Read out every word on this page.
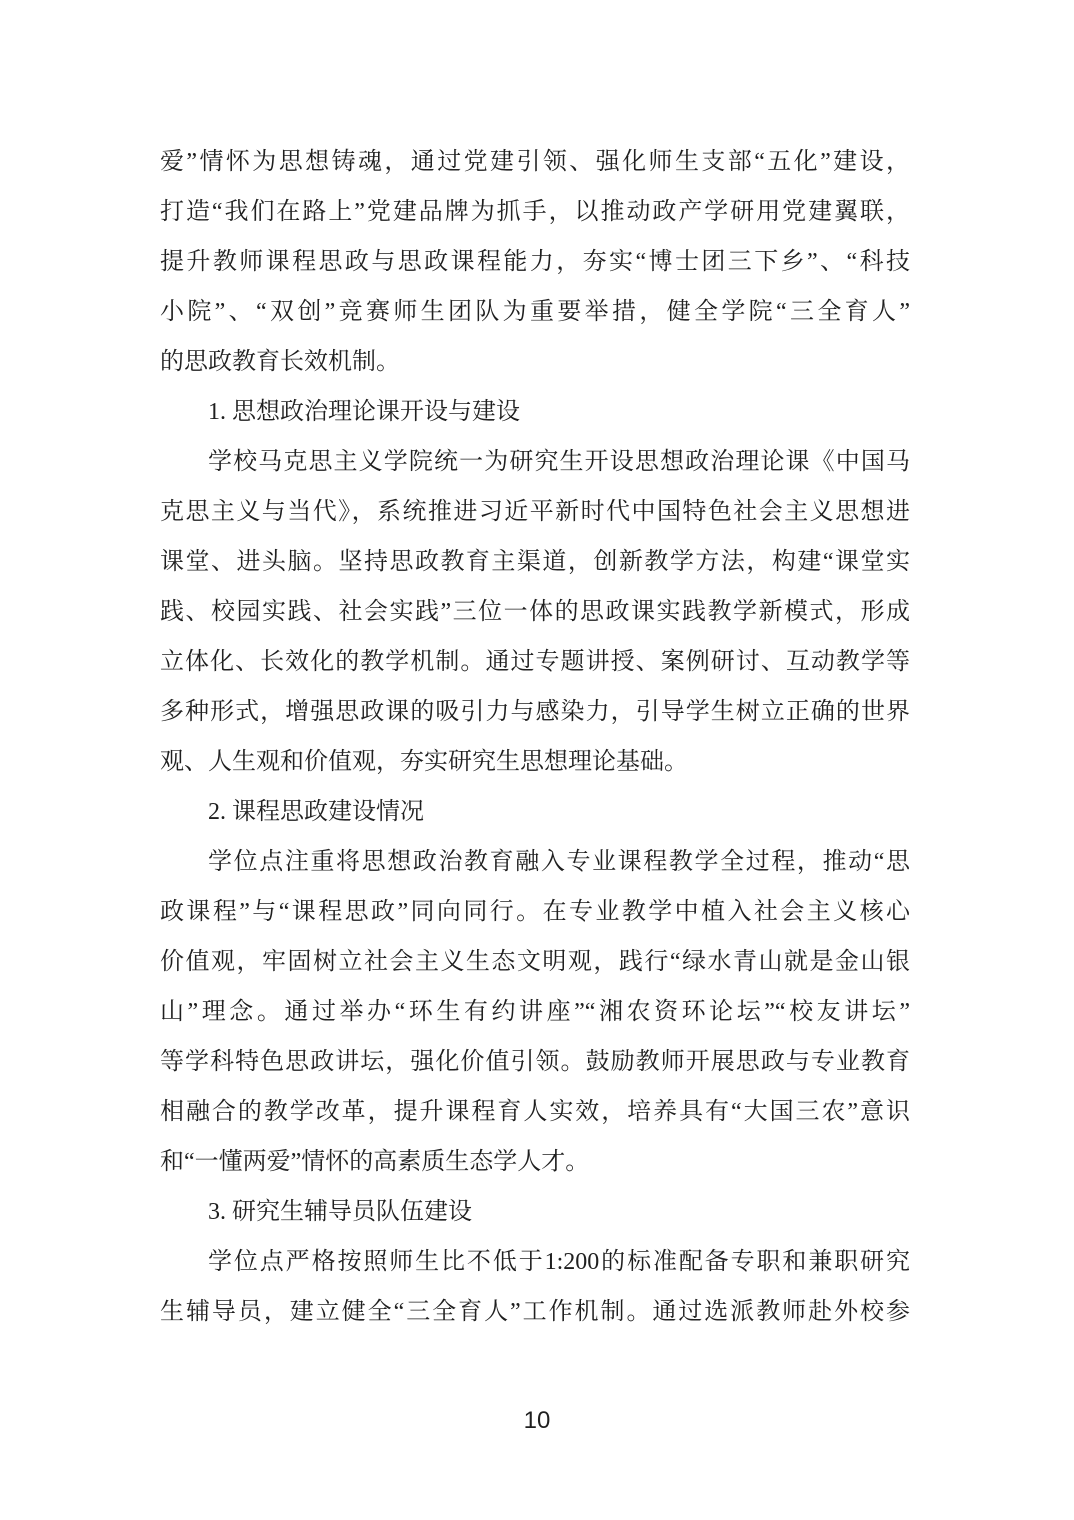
爱”情怀为思想铸魂，通过党建引领、强化师生支部“五化”建设，
打造“我们在路上”党建品牌为抓手，以推动政产学研用党建翼联，
提升教师课程思政与思政课程能力，夯实“博士团三下乡”、“科技
小院”、“双创”竞赛师生团队为重要举措，健全学院“三全育人”
的思政教育长效机制。
1. 思想政治理论课开设与建设
学校马克思主义学院统一为研究生开设思想政治理论课《中国马
克思主义与当代》，系统推进习近平新时代中国特色社会主义思想进
课堂、进头脑。坚持思政教育主渠道，创新教学方法，构建“课堂实
践、校园实践、社会实践”三位一体的思政课实践教学新模式，形成
立体化、长效化的教学机制。通过专题讲授、案例研讨、互动教学等
多种形式，增强思政课的吸引力与感染力，引导学生树立正确的世界
观、人生观和价值观，夯实研究生思想理论基础。
2. 课程思政建设情况
学位点注重将思想政治教育融入专业课程教学全过程，推动“思
政课程”与“课程思政”同向同行。在专业教学中植入社会主义核心
价值观，牢固树立社会主义生态文明观，践行“绿水青山就是金山银
山”理念。通过举办“环生有约讲座”“湘农资环论坛”“校友讲坛”
等学科特色思政讲坛，强化价值引领。鼓励教师开展思政与专业教育
相融合的教学改革，提升课程育人实效，培养具有“大国三农”意识
和“一懂两爱”情怀的高素质生态学人才。
3. 研究生辅导员队伍建设
学位点严格按照师生比不低于1:200的标准配备专职和兼职研究
生辅导员，建立健全“三全育人”工作机制。通过选派教师赴外校参
10
